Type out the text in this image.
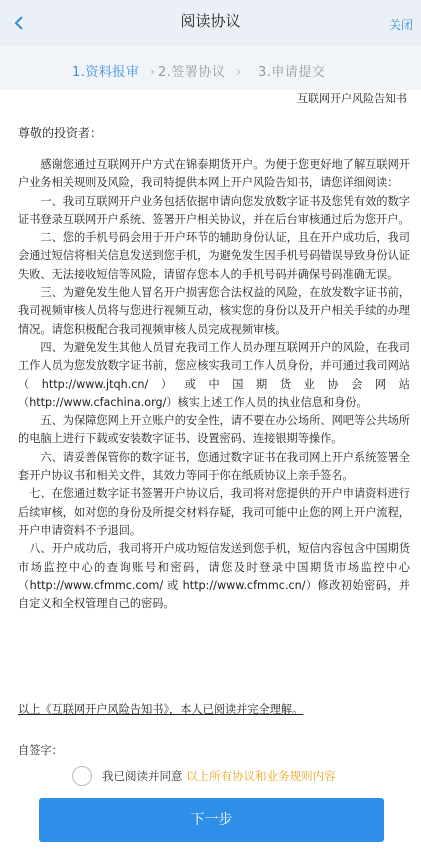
阅读协议	关闭
1.资料报审 › 2.签署协议 › 3.申请提交
互联网开户风险告知书
尊敬的投资者：

感谢您通过互联网开户方式在锦泰期货开户。为便于您更好地了解互联网开户业务相关规则及风险，我司特提供本网上开户风险告知书，请您详细阅读：

一、我司互联网开户业务包括依据申请向您发放数字证书及您凭有效的数字证书登录互联网开户系统、签署开户相关协议，并在后台审核通过后为您开户。

二、您的手机号码会用于开户环节的辅助身份认证，且在开户成功后，我司会通过短信将相关信息发送到您手机，为避免发生因手机号码错误导致身份认证失败、无法接收短信等风险，请留存您本人的手机号码并确保号码准确无误。

三、为避免发生他人冒名开户损害您合法权益的风险，在放发数字证书前，我司视频审核人员将与您进行视频互动，核实您的身份以及开户相关手续的办理情况。请您积极配合我司视频审核人员完成视频审核。

四、为避免发生其他人员冒充我司工作人员办理互联网开户的风险，在我司工作人员为您发放数字证书前，您应核实我司工作人员身份，并可通过我司网站（http://www.jtqh.cn/）或中国期货业协会网站（http://www.cfachina.org/）核实上述工作人员的执业信息和身份。

五、为保障您网上开立账户的安全性，请不要在办公场所、网吧等公共场所的电脑上进行下载或安装数字证书、设置密码、连接银期等操作。

六、请妥善保管你的数字证书，您通过数字证书在我司网上开户系统签署全套开户协议书和相关文件，其效力等同于你在纸质协议上亲手签名。

七、在您通过数字证书签署开户协议后，我司将对您提供的开户申请资料进行后续审核，如对您的身份及所提交材料存疑，我司可能中止您的网上开户流程，开户申请资料不予退回。

八、开户成功后，我司将开户成功短信发送到您手机，短信内容包含中国期货市场监控中心的查询账号和密码，请您及时登录中国期货市场监控中心（http://www.cfmmc.com/ 或 http://www.cfmmc.cn/）修改初始密码，并自定义和全权管理自己的密码。

以上《互联网开户风险告知书》，本人已阅读并完全理解。
自签字：
我已阅读并同意 以上所有协议和业务规则内容
下一步
